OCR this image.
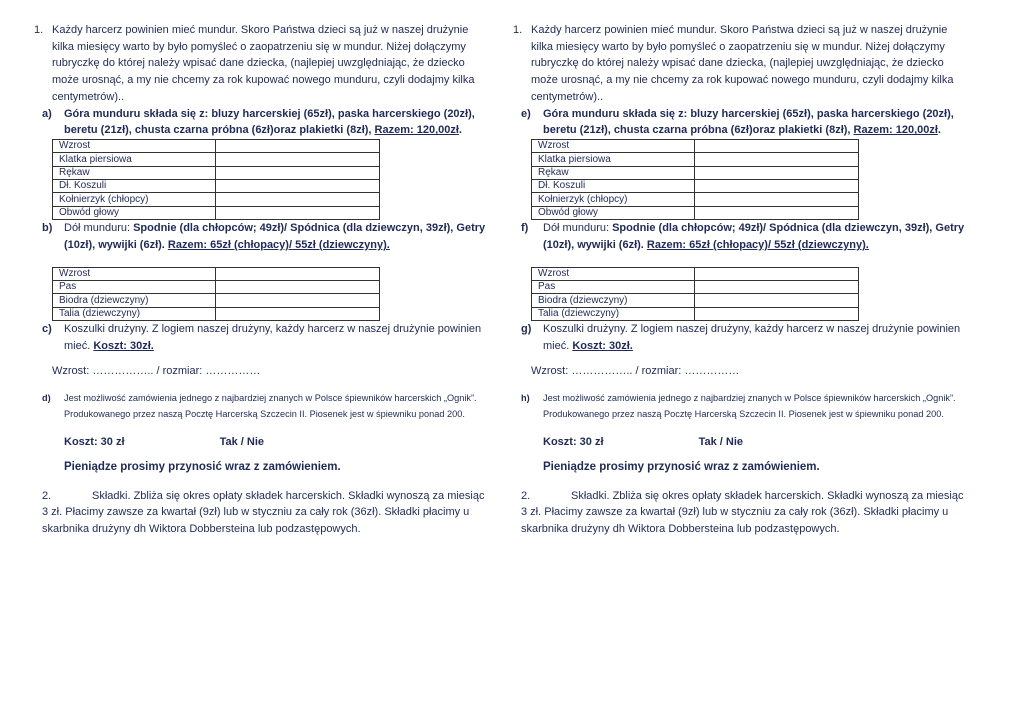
1. Każdy harcerz powinien mieć mundur. Skoro Państwa dzieci są już w naszej drużynie kilka miesięcy warto by było pomyśleć o zaopatrzeniu się w mundur. Niżej dołączymy rubryczkę do której należy wpisać dane dziecka, (najlepiej uwzględniając, że dziecko może urosnąć, a my nie chcemy za rok kupować nowego munduru, czyli dodajmy kilka centymetrów)..
a) Góra munduru składa się z: bluzy harcerskiej (65zł), paska harcerskiego (20zł), beretu (21zł), chusta czarna próbna (6zł)oraz plakietki (8zł), Razem: 120,00zł.
Wzrost	
Klatka piersiowa	
Rękaw	
Dł. Koszuli	
Kołnierzyk (chłopcy)	
Obwód głowy	
b) Dół munduru: Spodnie (dla chłopców; 49zł)/ Spódnica (dla dziewczyn, 39zł), Getry (10zł), wywijki (6zł). Razem: 65zł (chłopacy)/ 55zł (dziewczyny).
Wzrost	
Pas	
Biodra (dziewczyny)	
Talia (dziewczyny)	
c) Koszulki drużyny. Z logiem naszej drużyny, każdy harcerz w naszej drużynie powinien mieć. Koszt: 30zł.
Wzrost: …………….. / rozmiar: ……………
d) Jest możliwość zamówienia jednego z najbardziej znanych w Polsce śpiewników harcerskich „Ognik”. Produkowanego przez naszą Pocztę Harcerską Szczecin II. Piosenek jest w śpiewniku ponad 200.
Koszt: 30 zł	Tak / Nie
Pieniądze prosimy przynosić wraz z zamówieniem.
2.	Składki. Zbliża się okres opłaty składek harcerskich. Składki wynoszą za miesiąc 3 zł. Płacimy zawsze za kwartał (9zł) lub w styczniu za cały rok (36zł). Składki płacimy u skarbnika drużyny dh Wiktora Dobbersteina lub podzastępowych.
1. Każdy harcerz powinien mieć mundur. Skoro Państwa dzieci są już w naszej drużynie kilka miesięcy warto by było pomyśleć o zaopatrzeniu się w mundur. Niżej dołączymy rubryczkę do której należy wpisać dane dziecka, (najlepiej uwzględniając, że dziecko może urosnąć, a my nie chcemy za rok kupować nowego munduru, czyli dodajmy kilka centymetrów)..
e) Góra munduru składa się z: bluzy harcerskiej (65zł), paska harcerskiego (20zł), beretu (21zł), chusta czarna próbna (6zł)oraz plakietki (8zł), Razem: 120,00zł.
Wzrost	
Klatka piersiowa	
Rękaw	
Dł. Koszuli	
Kołnierzyk (chłopcy)	
Obwód głowy	
f) Dół munduru: Spodnie (dla chłopców; 49zł)/ Spódnica (dla dziewczyn, 39zł), Getry (10zł), wywijki (6zł). Razem: 65zł (chłopacy)/ 55zł (dziewczyny).
Wzrost	
Pas	
Biodra (dziewczyny)	
Talia (dziewczyny)	
g) Koszulki drużyny. Z logiem naszej drużyny, każdy harcerz w naszej drużynie powinien mieć. Koszt: 30zł.
Wzrost: …………….. / rozmiar: ……………
h) Jest możliwość zamówienia jednego z najbardziej znanych w Polsce śpiewników harcerskich „Ognik”. Produkowanego przez naszą Pocztę Harcerską Szczecin II. Piosenek jest w śpiewniku ponad 200.
Koszt: 30 zł	Tak / Nie
Pieniądze prosimy przynosić wraz z zamówieniem.
2.	Składki. Zbliża się okres opłaty składek harcerskich. Składki wynoszą za miesiąc 3 zł. Płacimy zawsze za kwartał (9zł) lub w styczniu za cały rok (36zł). Składki płacimy u skarbnika drużyny dh Wiktora Dobbersteina lub podzastępowych.
